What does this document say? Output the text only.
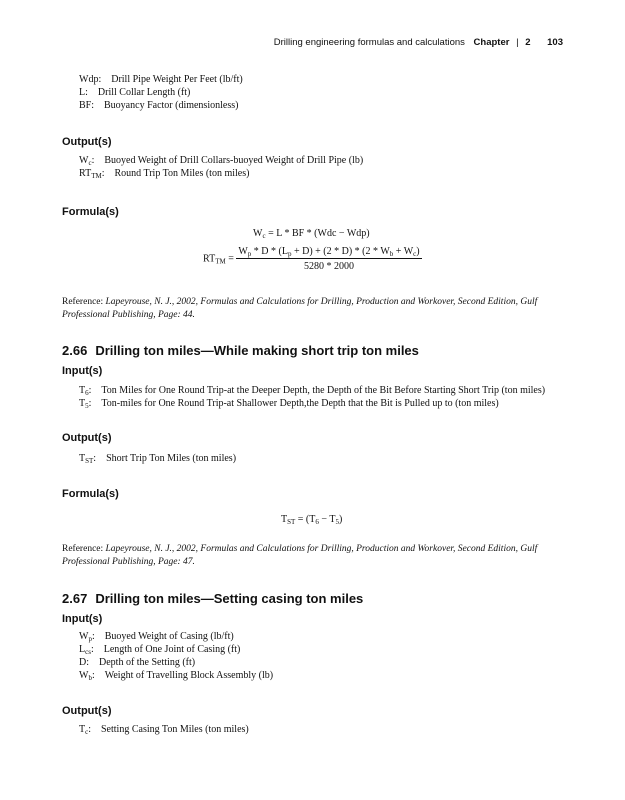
Drilling engineering formulas and calculations Chapter | 2 103
Wdp: Drill Pipe Weight Per Feet (lb/ft)
L: Drill Collar Length (ft)
BF: Buoyancy Factor (dimensionless)
Output(s)
$W_c$: Buoyed Weight of Drill Collars-buoyed Weight of Drill Pipe (lb)
$RT_{TM}$: Round Trip Ton Miles (ton miles)
Formula(s)
$W_c = L$ * BF * (Wdc − Wdp)
$RT_{TM} = \frac{W_p * D * (L_p + D) + (2 * D) * (2 * W_b + W_c)}{5280 * 2000}$
Reference: Lapeyrouse, N. J., 2002, Formulas and Calculations for Drilling, Production and Workover, Second Edition, Gulf Professional Publishing, Page: 44.
2.66 Drilling ton miles—While making short trip ton miles
Input(s)
$T_6$: Ton Miles for One Round Trip-at the Deeper Depth, the Depth of the Bit Before Starting Short Trip (ton miles)
$T_5$: Ton-miles for One Round Trip-at Shallower Depth,the Depth that the Bit is Pulled up to (ton miles)
Output(s)
$T_{ST}$: Short Trip Ton Miles (ton miles)
Formula(s)
$T_{ST} = (T_6 - T_5)$
Reference: Lapeyrouse, N. J., 2002, Formulas and Calculations for Drilling, Production and Workover, Second Edition, Gulf Professional Publishing, Page: 47.
2.67 Drilling ton miles—Setting casing ton miles
Input(s)
$W_p$: Buoyed Weight of Casing (lb/ft)
$L_{cs}$: Length of One Joint of Casing (ft)
D: Depth of the Setting (ft)
$W_b$: Weight of Travelling Block Assembly (lb)
Output(s)
$T_c$: Setting Casing Ton Miles (ton miles)
